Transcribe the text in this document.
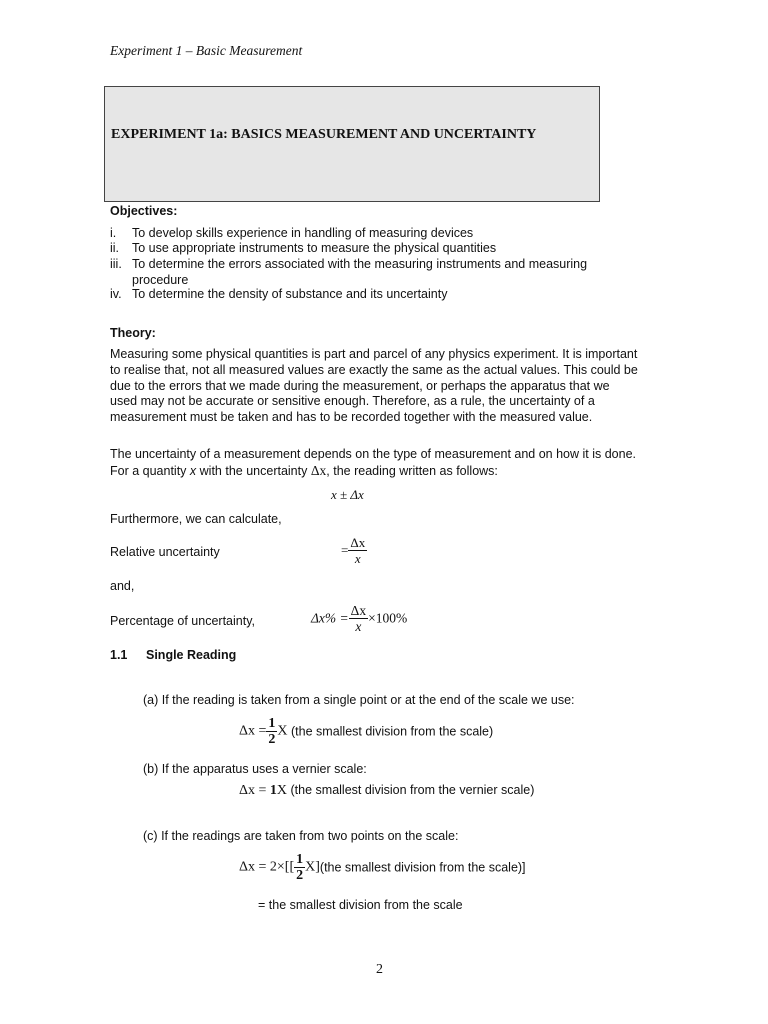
Experiment 1 – Basic Measurement
EXPERIMENT 1a: BASICS MEASUREMENT AND UNCERTAINTY
Objectives:
i. To develop skills experience in handling of measuring devices
ii. To use appropriate instruments to measure the physical quantities
iii. To determine the errors associated with the measuring instruments and measuring procedure
iv. To determine the density of substance and its uncertainty
Theory:
Measuring some physical quantities is part and parcel of any physics experiment. It is important to realise that, not all measured values are exactly the same as the actual values. This could be due to the errors that we made during the measurement, or perhaps the apparatus that we used may not be accurate or sensitive enough. Therefore, as a rule, the uncertainty of a measurement must be taken and has to be recorded together with the measured value.
The uncertainty of a measurement depends on the type of measurement and on how it is done. For a quantity x with the uncertainty Δx, the reading written as follows:
x ± Δx
Furthermore, we can calculate,
Relative uncertainty	= $\frac{\Delta x}{x}$
and,
Percentage of uncertainty,	$\Delta x\% = \frac{\Delta x}{x} \times 100\%$
1.1 Single Reading
(a) If the reading is taken from a single point or at the end of the scale we use:
$\Delta x = \frac{1}{2}$ X (the smallest division from the scale)
(b) If the apparatus uses a vernier scale:
Δx = 1X (the smallest division from the vernier scale)
(c) If the readings are taken from two points on the scale:
$\Delta x = 2\times[[ \frac{1}{2} X](the$ smallest division from the scale)]
= the smallest division from the scale
2
